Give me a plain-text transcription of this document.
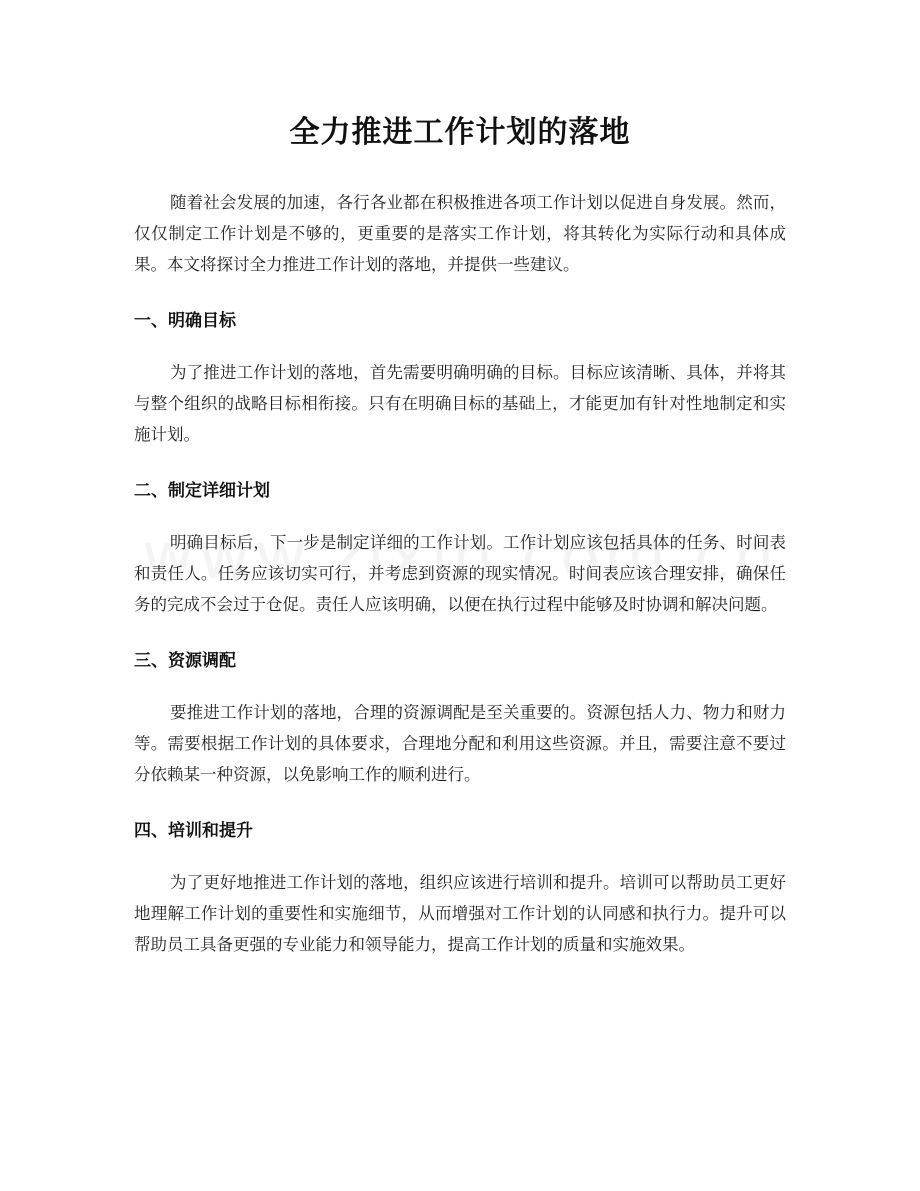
全力推进工作计划的落地

随着社会发展的加速，各行各业都在积极推进各项工作计划以促进自身发展。然而，仅仅制定工作计划是不够的，更重要的是落实工作计划，将其转化为实际行动和具体成果。本文将探讨全力推进工作计划的落地，并提供一些建议。

一、明确目标

为了推进工作计划的落地，首先需要明确明确的目标。目标应该清晰、具体，并将其与整个组织的战略目标相衔接。只有在明确目标的基础上，才能更加有针对性地制定和实施计划。

二、制定详细计划

明确目标后，下一步是制定详细的工作计划。工作计划应该包括具体的任务、时间表和责任人。任务应该切实可行，并考虑到资源的现实情况。时间表应该合理安排，确保任务的完成不会过于仓促。责任人应该明确，以便在执行过程中能够及时协调和解决问题。

三、资源调配

要推进工作计划的落地，合理的资源调配是至关重要的。资源包括人力、物力和财力等。需要根据工作计划的具体要求，合理地分配和利用这些资源。并且，需要注意不要过分依赖某一种资源，以免影响工作的顺利进行。

四、培训和提升

为了更好地推进工作计划的落地，组织应该进行培训和提升。培训可以帮助员工更好地理解工作计划的重要性和实施细节，从而增强对工作计划的认同感和执行力。提升可以帮助员工具备更强的专业能力和领导能力，提高工作计划的质量和实施效果。
